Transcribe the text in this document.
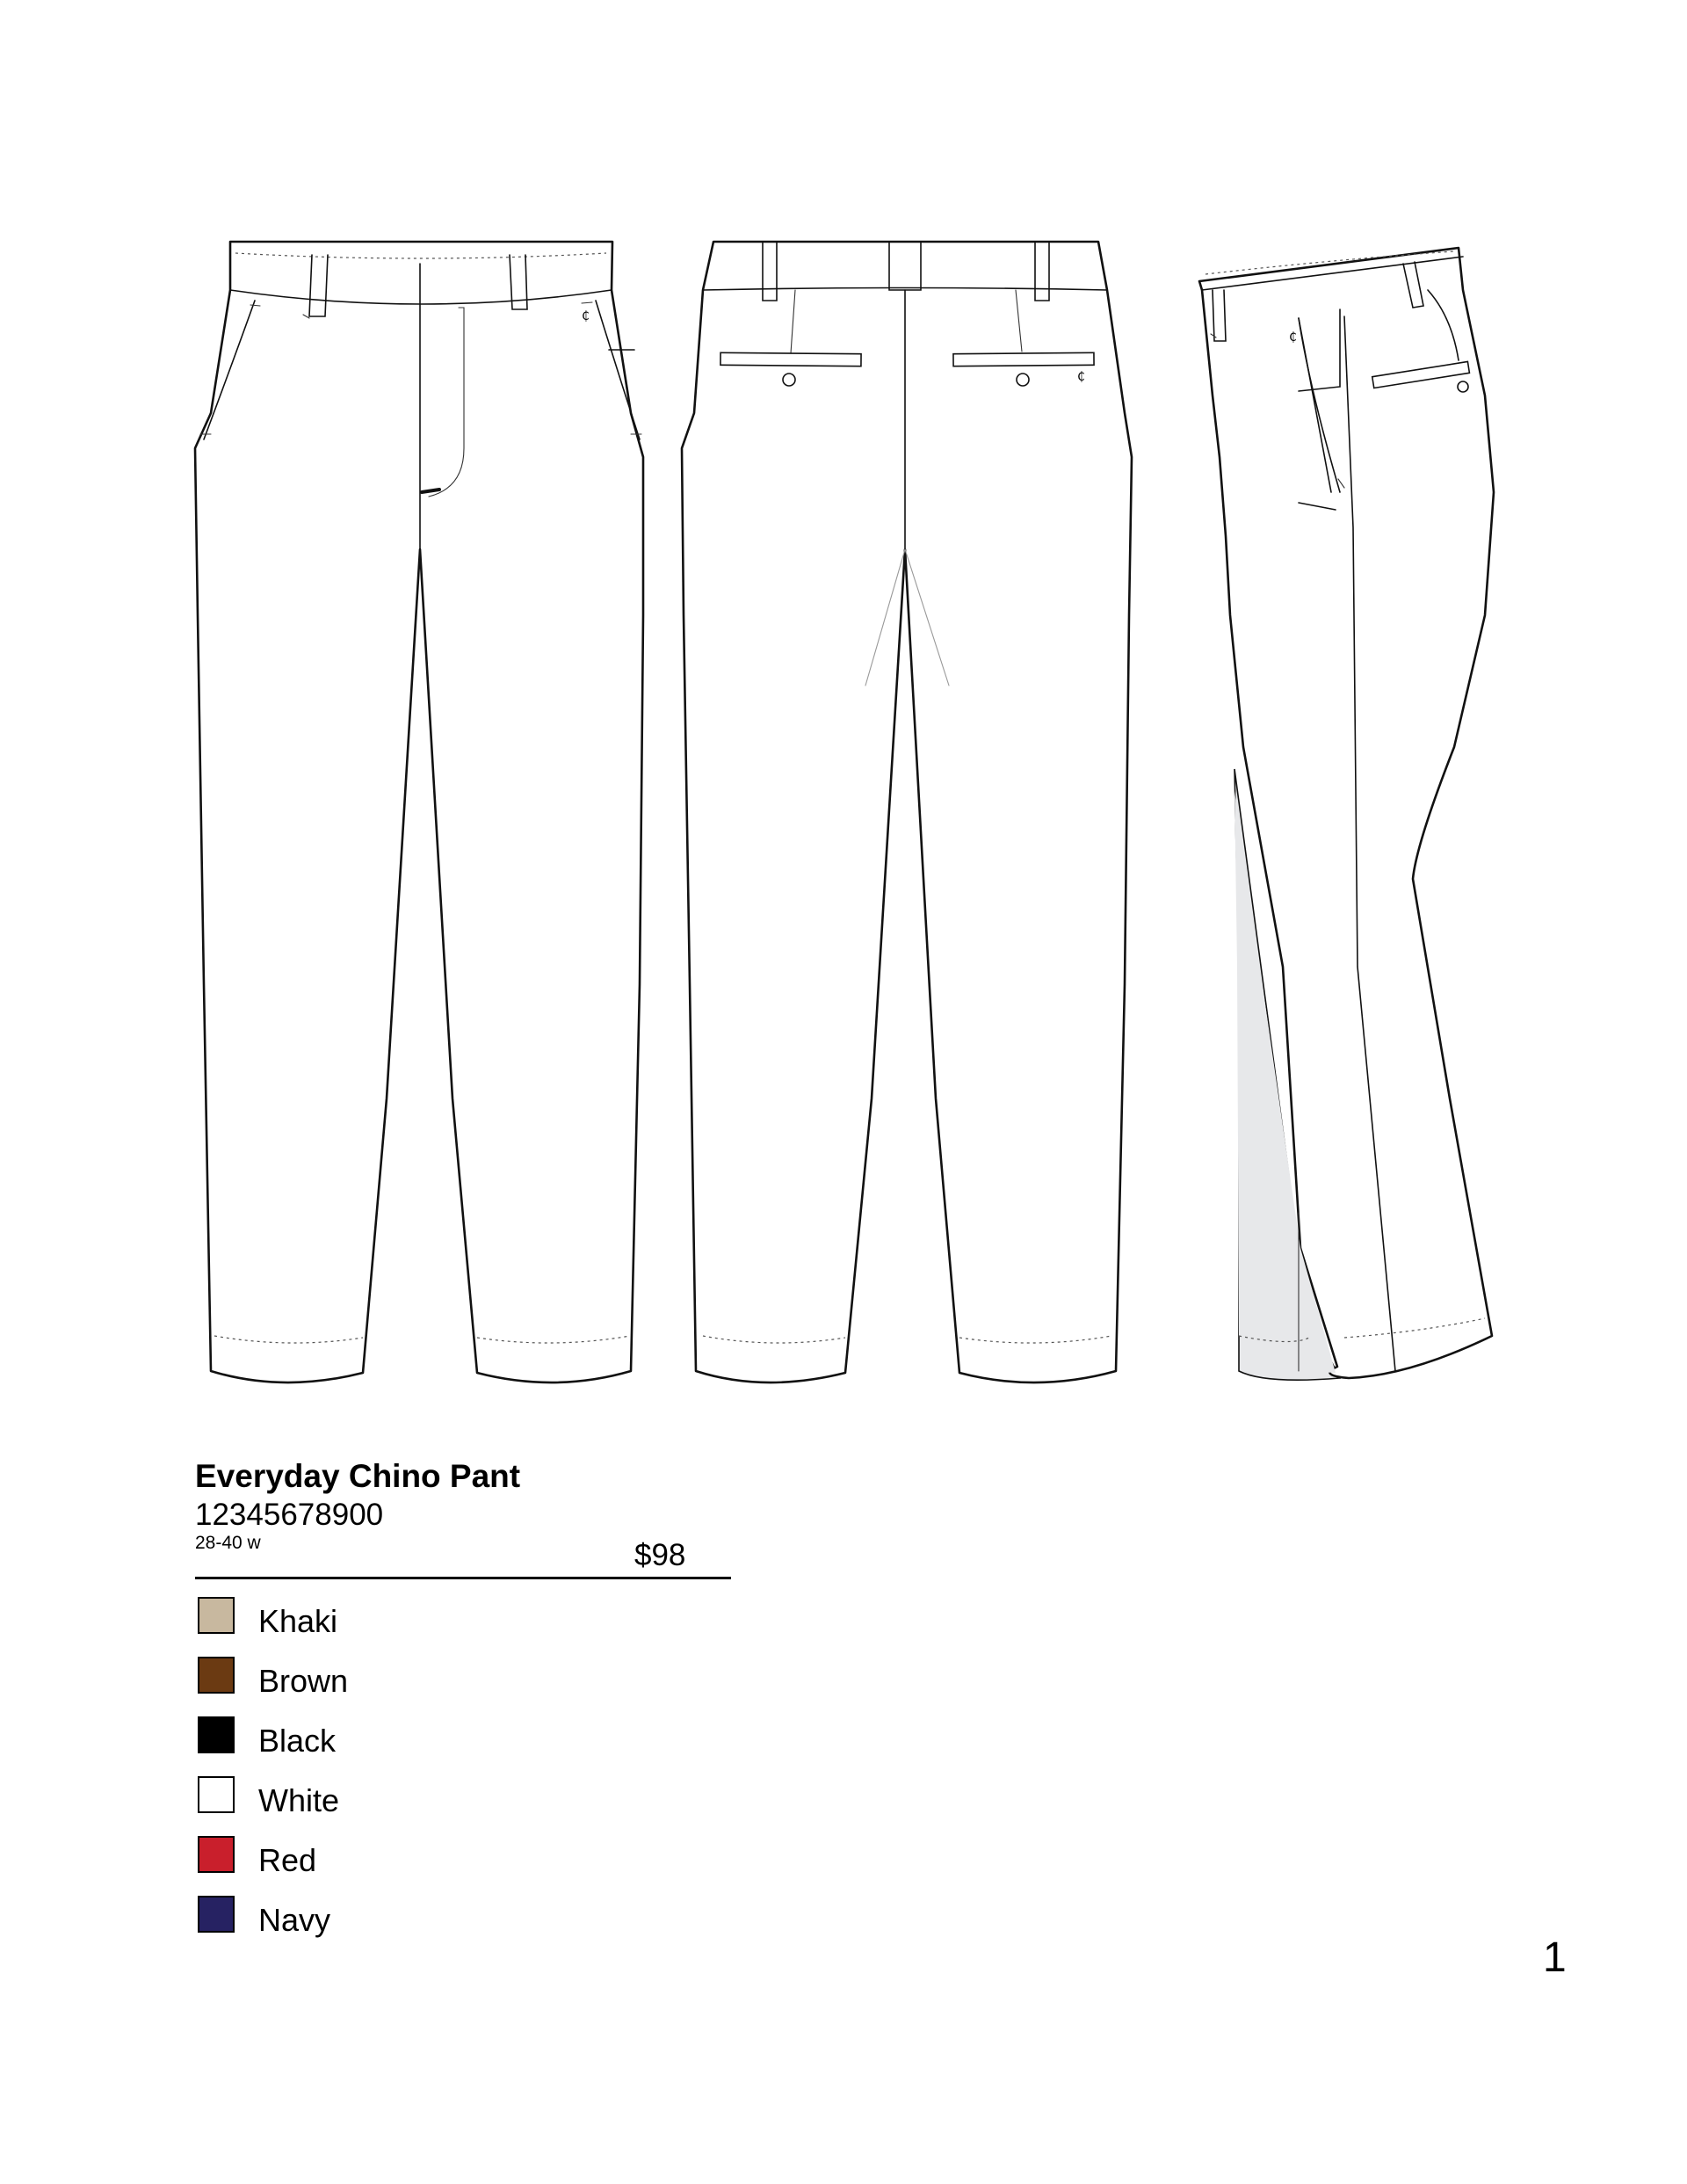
₵
₵
₵
Everyday Chino Pant
12345678900
28-40 w	$98
Khaki
Brown
Black
White
Red
Navy
1
